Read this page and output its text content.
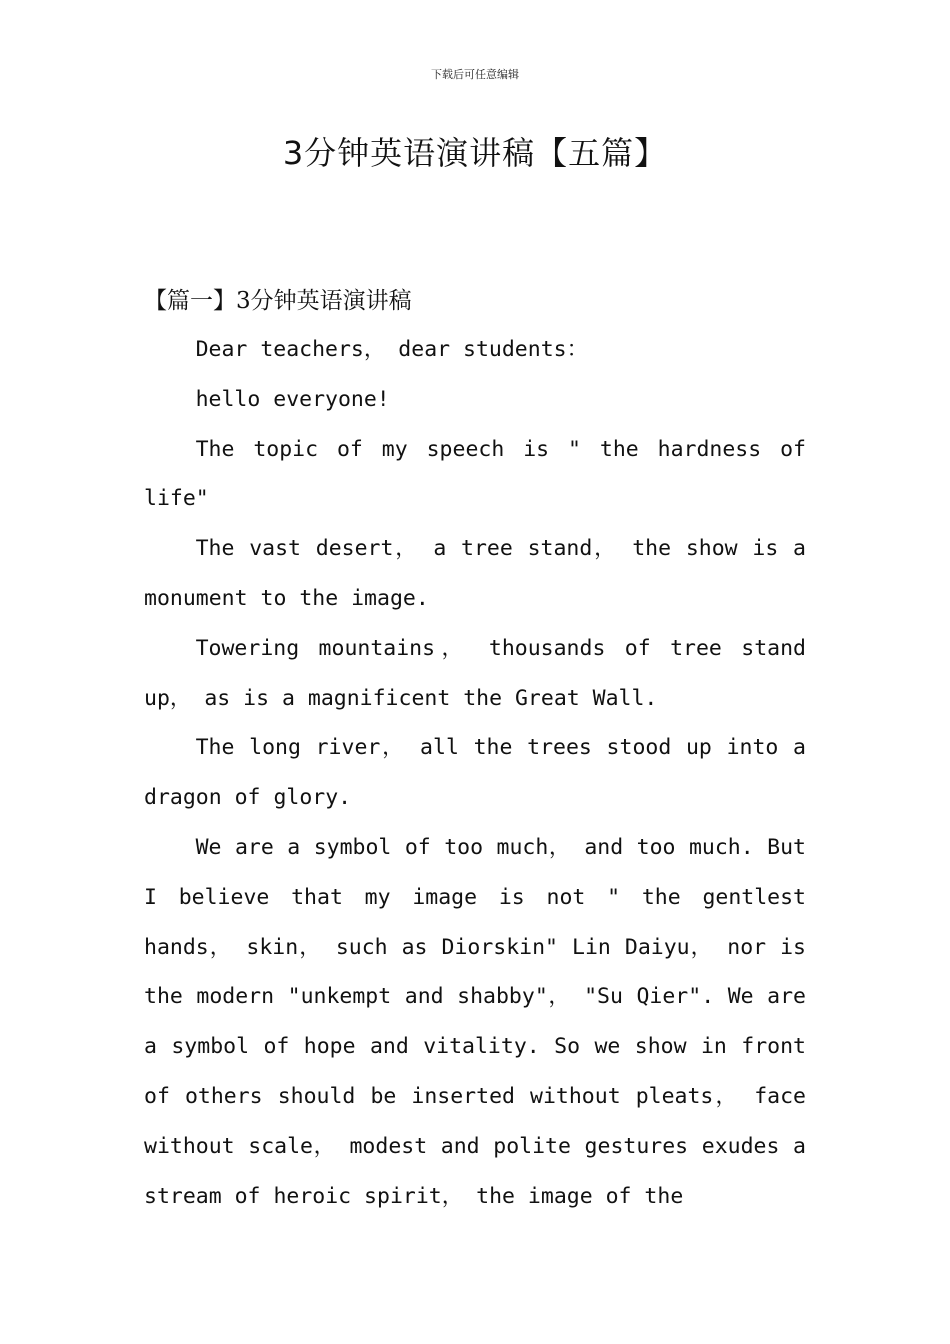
下载后可任意编辑
3分钟英语演讲稿【五篇】
【篇一】3分钟英语演讲稿

Dear teachers， dear students：

hello everyone!

The topic of my speech is " the hardness of life"

The vast desert， a tree stand， the show is a monument to the image.

Towering mountains， thousands of tree stand up， as is a magnificent the Great Wall.

The long river， all the trees stood up into a dragon of glory.

We are a symbol of too much， and too much. But I believe that my image is not " the gentlest hands， skin， such as Diorskin" Lin Daiyu， nor is the modern "unkempt and shabby"， "Su Qier". We are a symbol of hope and vitality. So we show in front of others should be inserted without pleats， face without scale， modest and polite gestures exudes a stream of heroic spirit， the image of the
